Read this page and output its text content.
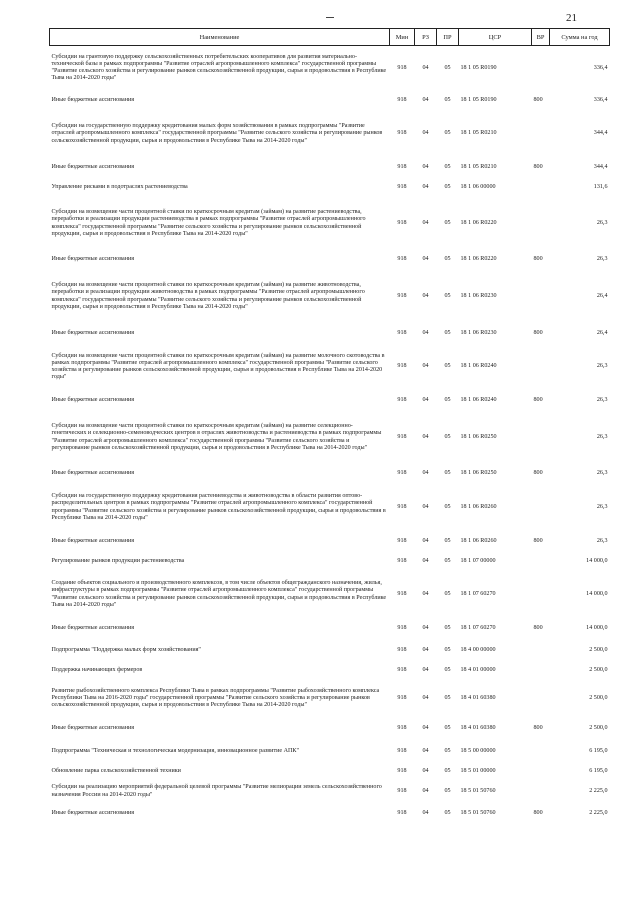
21
Наименование	Мин	РЗ	ПР	ЦСР	ВР	Сумма на год
Субсидии на грантовую поддержку сельскохозяйственных потребительских кооперативов для развития материально-технической базы в рамках подпрограммы "Развитие отраслей агропромышленного комплекса" государственной программы "Развитие сельского хозяйства и регулирование рынков сельскохозяйственной продукции, сырья и продовольствия в Республике Тыва на 2014-2020 годы"	918	04	05	18 1 05 R0190		336,4
Иные бюджетные ассигнования	918	04	05	18 1 05 R0190	800	336,4
Субсидии на государственную поддержку кредитования малых форм хозяйствования в рамках подпрограммы "Развитие отраслей агропромышленного комплекса" государственной программы "Развитие сельского хозяйства и регулирование рынков сельскохозяйственной продукции, сырья и продовольствия в Республике Тыва на 2014-2020 годы"	918	04	05	18 1 05 R0210		344,4
Иные бюджетные ассигнования	918	04	05	18 1 05 R0210	800	344,4
Управление рисками в подотраслях растениеводства	918	04	05	18 1 06 00000		131,6
Субсидии на возмещение части процентной ставки по краткосрочным кредитам (займам) на развитие растениеводства, переработки и реализации продукции растениеводства в рамках подпрограммы "Развитие отраслей агропромышленного комплекса" государственной программы "Развитие сельского хозяйства и регулирование рынков сельскохозяйственной продукции, сырья и продовольствия в Республике Тыва на 2014-2020 годы"	918	04	05	18 1 06 R0220		26,3
Иные бюджетные ассигнования	918	04	05	18 1 06 R0220	800	26,3
Субсидии на возмещение части процентной ставки по краткосрочным кредитам (займам) на развитие животноводства, переработки и реализации продукции животноводства в рамках подпрограммы "Развитие отраслей агропромышленного комплекса" государственной программы "Развитие сельского хозяйства и регулирование рынков сельскохозяйственной продукции, сырья и продовольствия в Республике Тыва на 2014-2020 годы"	918	04	05	18 1 06 R0230		26,4
Иные бюджетные ассигнования	918	04	05	18 1 06 R0230	800	26,4
Субсидии на возмещение части процентной ставки по краткосрочным кредитам (займам) на развитие молочного скотоводства в рамках подпрограммы "Развитие отраслей агропромышленного комплекса" государственной программы "Развитие сельского хозяйства и регулирование рынков сельскохозяйственной продукции, сырья и продовольствия в Республике Тыва на 2014-2020 годы"	918	04	05	18 1 06 R0240		26,3
Иные бюджетные ассигнования	918	04	05	18 1 06 R0240	800	26,3
Субсидии на возмещение части процентной ставки по краткосрочным кредитам (займам) на развитие селекционно-генетических и селекционно-семеноводческих центров в отраслях животноводства и растениеводства в рамках подпрограммы "Развитие отраслей агропромышленного комплекса" государственной программы "Развитие сельского хозяйства и регулирование рынков сельскохозяйственной продукции, сырья и продовольствия в Республике Тыва на 2014-2020 годы"	918	04	05	18 1 06 R0250		26,3
Иные бюджетные ассигнования	918	04	05	18 1 06 R0250	800	26,3
Субсидии на государственную поддержку кредитования растениеводства и животноводства в области развития оптово-распределительных центров в рамках подпрограммы "Развитие отраслей агропромышленного комплекса" государственной программы "Развитие сельского хозяйства и регулирование рынков сельскохозяйственной продукции, сырья и продовольствия в Республике Тыва на 2014-2020 годы"	918	04	05	18 1 06 R0260		26,3
Иные бюджетные ассигнования	918	04	05	18 1 06 R0260	800	26,3
Регулирование рынков продукции растениеводства	918	04	05	18 1 07 00000		14 000,0
Создание объектов социального и производственного комплексов, в том числе объектов общегражданского назначения, жилья, инфраструктуры в рамках подпрограммы "Развитие отраслей агропромышленного комплекса" государственной программы "Развитие сельского хозяйства и регулирование рынков сельскохозяйственной продукции, сырья и продовольствия в Республике Тыва на 2014-2020 годы"	918	04	05	18 1 07 60270		14 000,0
Иные бюджетные ассигнования	918	04	05	18 1 07 60270	800	14 000,0
Подпрограмма "Поддержка малых форм хозяйствования"	918	04	05	18 4 00 00000		2 500,0
Поддержка начинающих фермеров	918	04	05	18 4 01 00000		2 500,0
Развитие рыбохозяйственного комплекса Республики Тыва в рамках подпрограммы "Развитие рыбохозяйственного комплекса Республики Тыва на 2016-2020 годы" государственной программы "Развитие сельского хозяйства и регулирование рынков сельскохозяйственной продукции, сырья и продовольствия в Республике Тыва на 2014-2020 годы"	918	04	05	18 4 01 60380		2 500,0
Иные бюджетные ассигнования	918	04	05	18 4 01 60380	800	2 500,0
Подпрограмма "Техническая и технологическая модернизация, инновационное развитие АПК"	918	04	05	18 5 00 00000		6 195,0
Обновление парка сельскохозяйственной техники	918	04	05	18 5 01 00000		6 195,0
Субсидии на реализацию мероприятий федеральной целевой программы "Развитие мелиорации земель сельскохозяйственного назначения России на 2014-2020 годы"	918	04	05	18 5 01 50760		2 225,0
Иные бюджетные ассигнования	918	04	05	18 5 01 50760	800	2 225,0
